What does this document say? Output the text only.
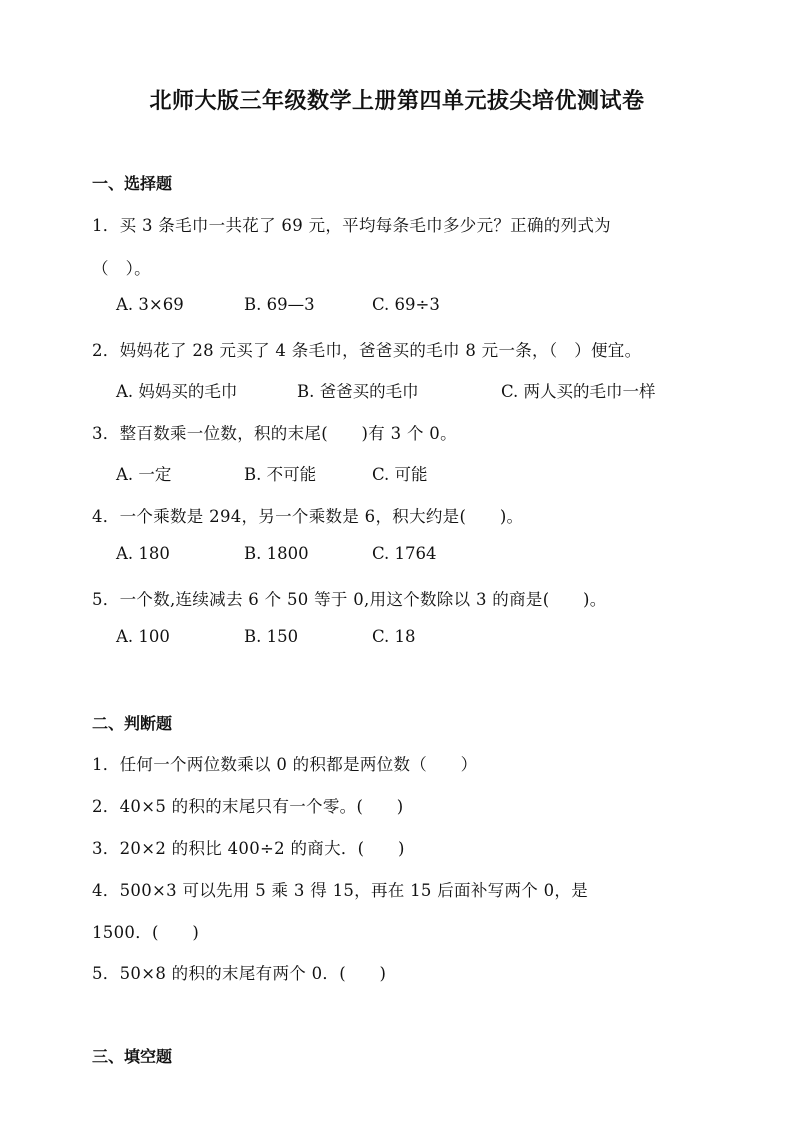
北师大版三年级数学上册第四单元拔尖培优测试卷
一、选择题
1．买 3 条毛巾一共花了 69 元，平均每条毛巾多少元？正确的列式为
（　）。
A. 3×69	B. 69—3	C. 69÷3
2．妈妈花了 28 元买了 4 条毛巾，爸爸买的毛巾 8 元一条，（　）便宜。
A. 妈妈买的毛巾	B. 爸爸买的毛巾	C. 两人买的毛巾一样
3．整百数乘一位数，积的末尾(　　)有 3 个 0。
A. 一定	B. 不可能	C. 可能
4．一个乘数是 294，另一个乘数是 6，积大约是(　　)。
A. 180	B. 1800	C. 1764
5．一个数,连续减去 6 个 50 等于 0,用这个数除以 3 的商是(　　)。
A. 100	B. 150	C. 18
二、判断题
1．任何一个两位数乘以 0 的积都是两位数（　　）
2．40×5 的积的末尾只有一个零。(　　)
3．20×2 的积比 400÷2 的商大．(　　)
4．500×3 可以先用 5 乘 3 得 15，再在 15 后面补写两个 0，是
1500．(　　)
5．50×8 的积的末尾有两个 0．(　　)
三、填空题
